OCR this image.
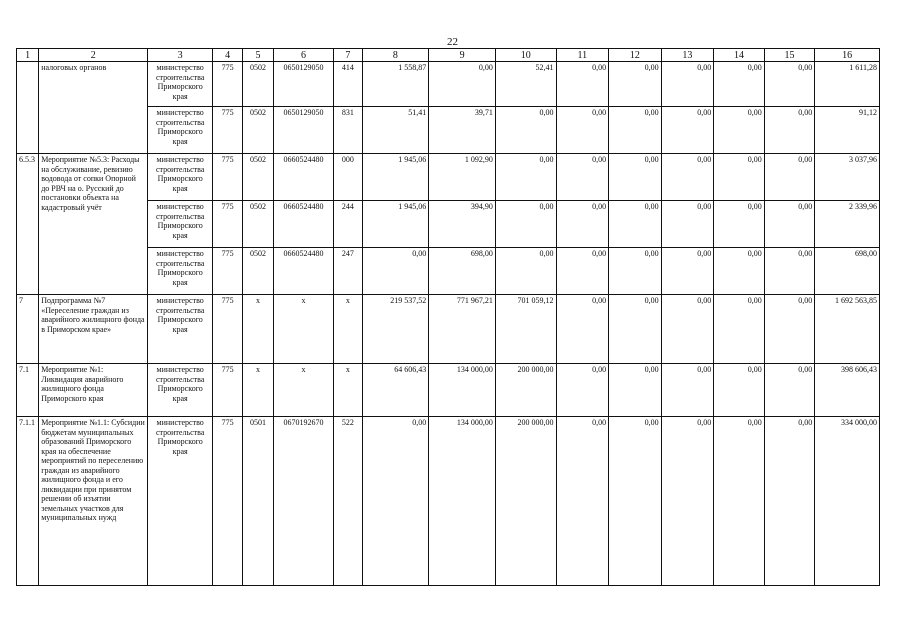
22
1	2	3	4	5	6	7	8	9	10	11	12	13	14	15	16
	налоговых органов	министерство строительства Приморского края	775	0502	0650129050	414	1 558,87	0,00	52,41	0,00	0,00	0,00	0,00	0,00	1 611,28
		министерство строительства Приморского края	775	0502	0650129050	831	51,41	39,71	0,00	0,00	0,00	0,00	0,00	0,00	91,12
6.5.3	Мероприятие №5.3: Расходы на обслуживание, ревизию водовода от сопки Опорной до РВЧ на о. Русский до постановки объекта на кадастровый учёт	министерство строительства Приморского края	775	0502	0660524480	000	1 945,06	1 092,90	0,00	0,00	0,00	0,00	0,00	0,00	3 037,96
		министерство строительства Приморского края	775	0502	0660524480	244	1 945,06	394,90	0,00	0,00	0,00	0,00	0,00	0,00	2 339,96
		министерство строительства Приморского края	775	0502	0660524480	247	0,00	698,00	0,00	0,00	0,00	0,00	0,00	0,00	698,00
7	Подпрограмма №7 «Переселение граждан из аварийного жилищного фонда в Приморском крае»	министерство строительства Приморского края	775	x	x	x	219 537,52	771 967,21	701 059,12	0,00	0,00	0,00	0,00	0,00	1 692 563,85
7.1	Мероприятие №1: Ликвидация аварийного жилищного фонда Приморского края	министерство строительства Приморского края	775	x	x	x	64 606,43	134 000,00	200 000,00	0,00	0,00	0,00	0,00	0,00	398 606,43
7.1.1	Мероприятие №1.1: Субсидии бюджетам муниципальных образований Приморского края на обеспечение мероприятий по переселению граждан из аварийного жилищного фонда и его ликвидации при принятом решении об изъятии земельных участков для муниципальных нужд	министерство строительства Приморского края	775	0501	0670192670	522	0,00	134 000,00	200 000,00	0,00	0,00	0,00	0,00	0,00	334 000,00
